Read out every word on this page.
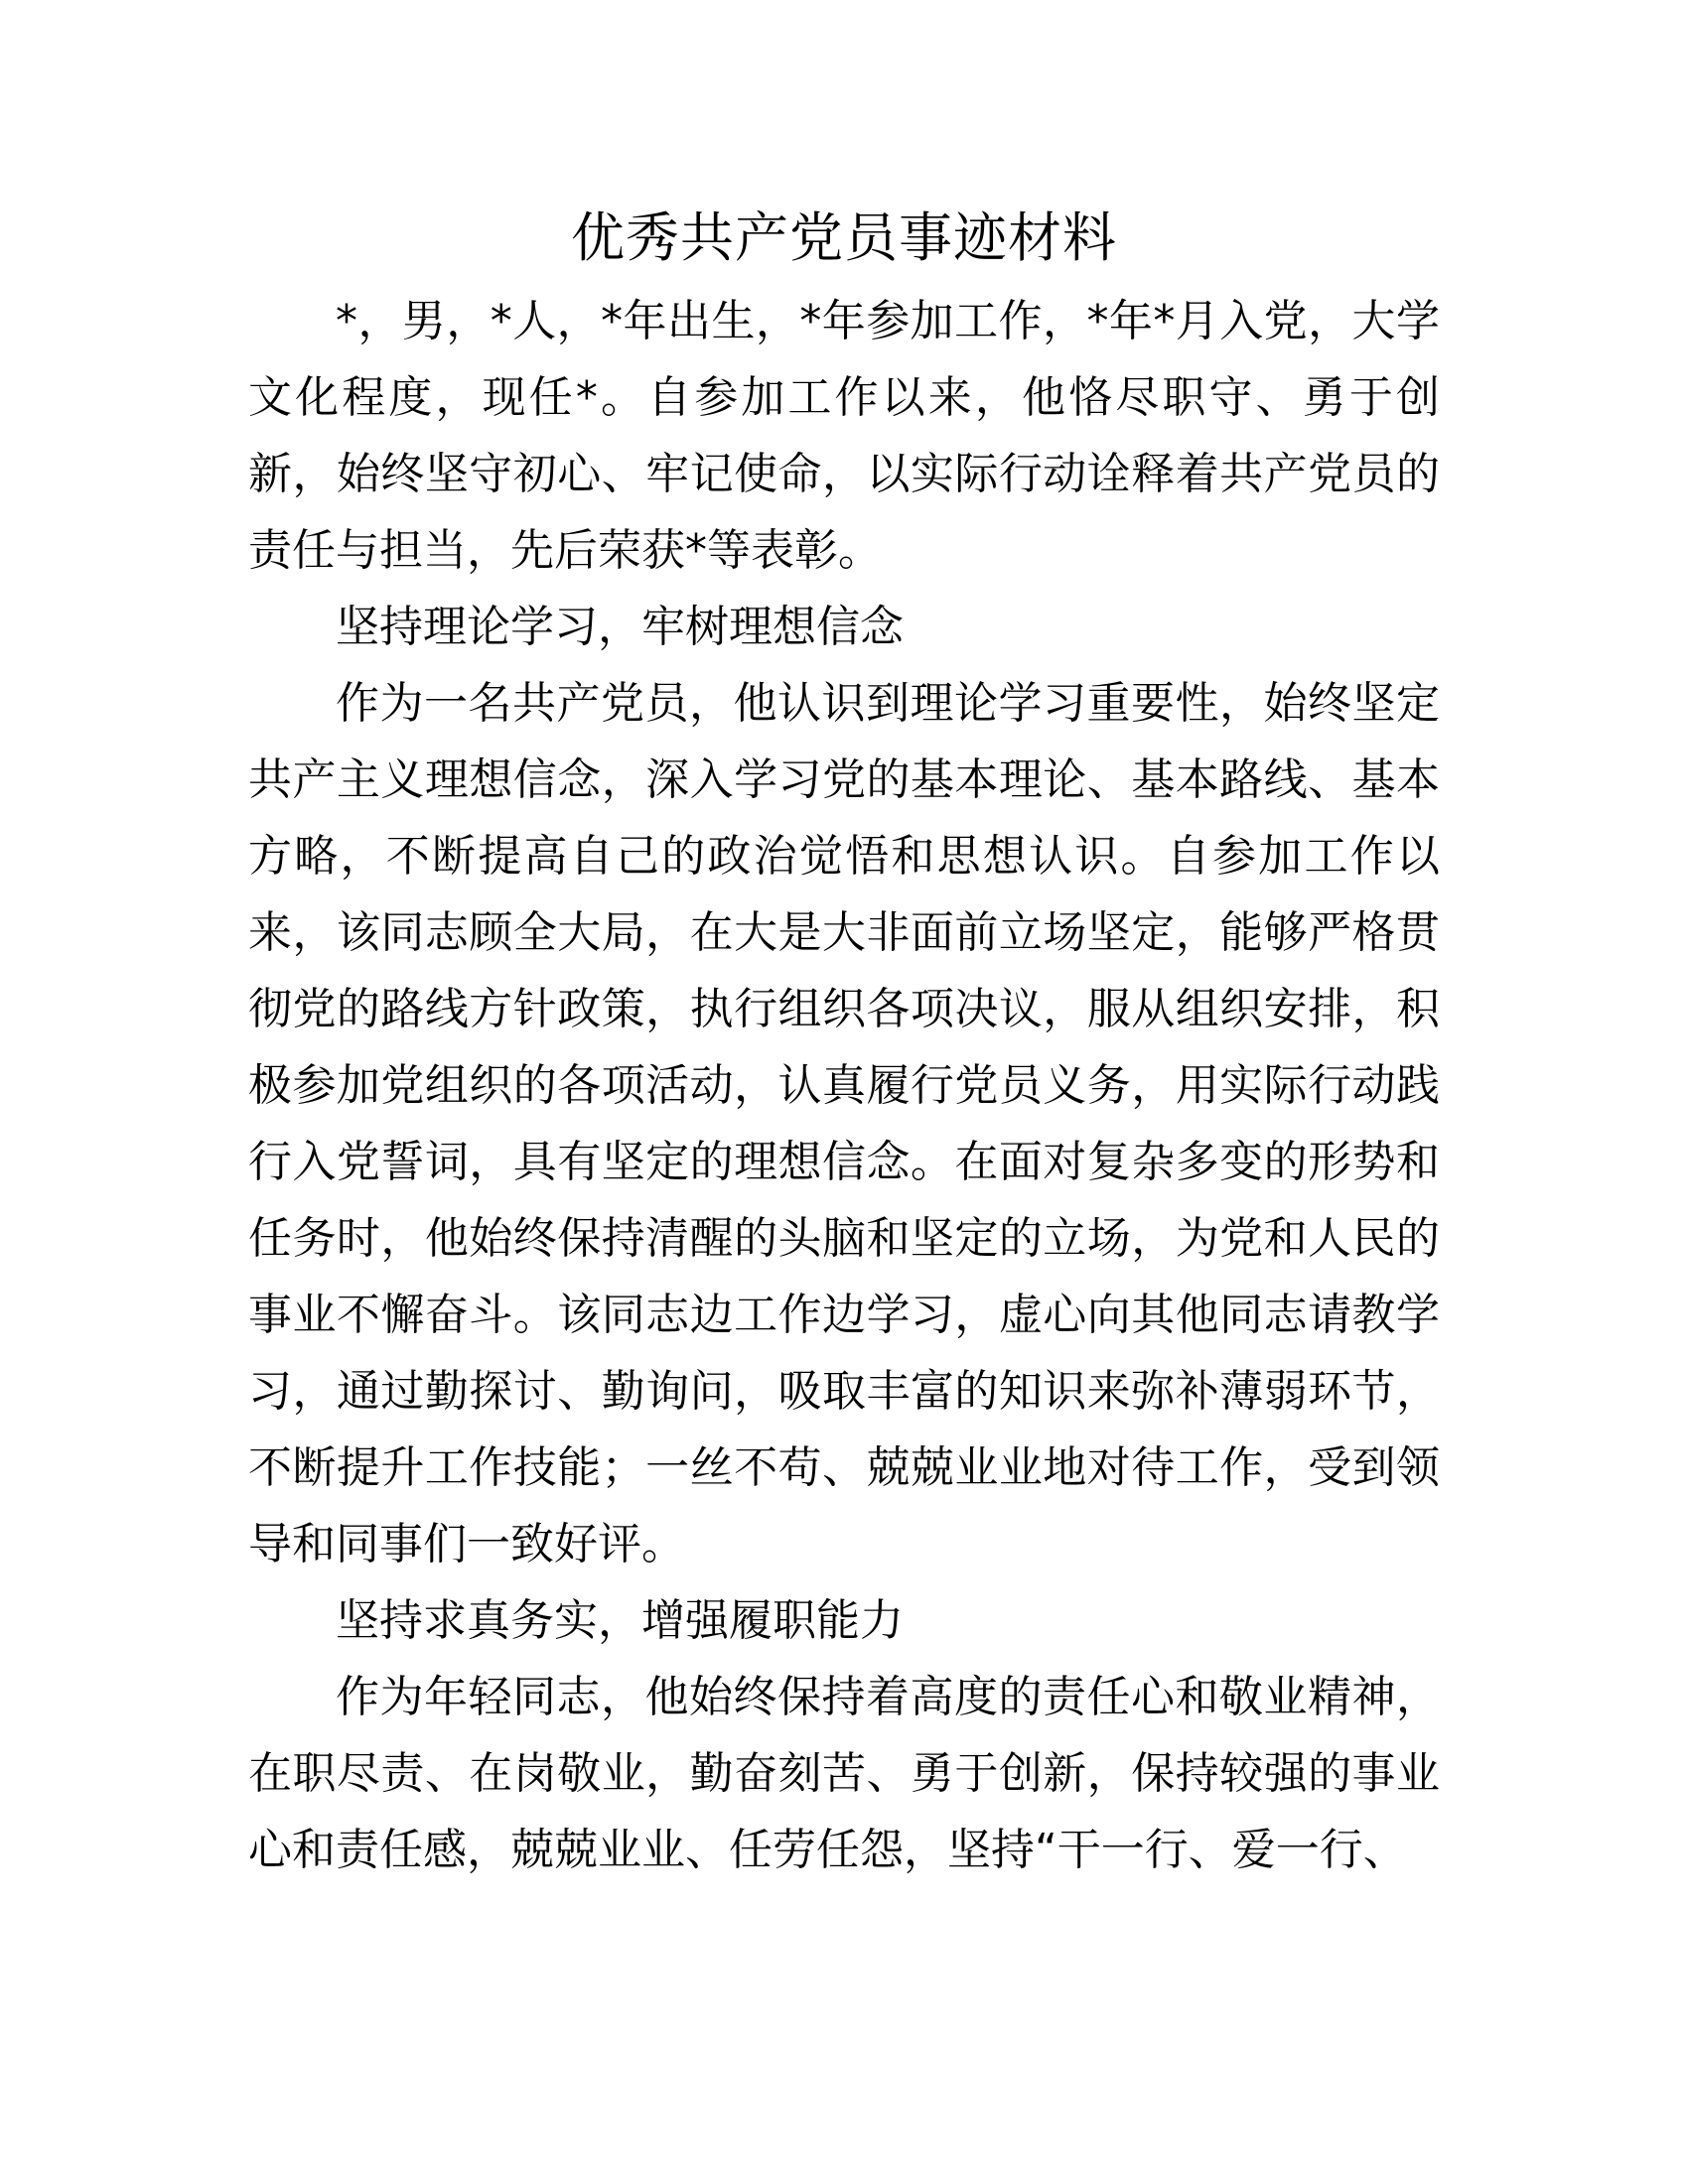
优秀共产党员事迹材料

*，男，*人，*年出生，*年参加工作，*年*月入党，大学文化程度，现任*。自参加工作以来，他恪尽职守、勇于创新，始终坚守初心、牢记使命，以实际行动诠释着共产党员的责任与担当，先后荣获*等表彰。

坚持理论学习，牢树理想信念

作为一名共产党员，他认识到理论学习重要性，始终坚定共产主义理想信念，深入学习党的基本理论、基本路线、基本方略，不断提高自己的政治觉悟和思想认识。自参加工作以来，该同志顾全大局，在大是大非面前立场坚定，能够严格贯彻党的路线方针政策，执行组织各项决议，服从组织安排，积极参加党组织的各项活动，认真履行党员义务，用实际行动践行入党誓词，具有坚定的理想信念。在面对复杂多变的形势和任务时，他始终保持清醒的头脑和坚定的立场，为党和人民的事业不懈奋斗。该同志边工作边学习，虚心向其他同志请教学习，通过勤探讨、勤询问，吸取丰富的知识来弥补薄弱环节，不断提升工作技能；一丝不苟、兢兢业业地对待工作，受到领导和同事们一致好评。

坚持求真务实，增强履职能力

作为年轻同志，他始终保持着高度的责任心和敬业精神，在职尽责、在岗敬业，勤奋刻苦、勇于创新，保持较强的事业心和责任感，兢兢业业、任劳任怨，坚持“干一行、爱一行、
